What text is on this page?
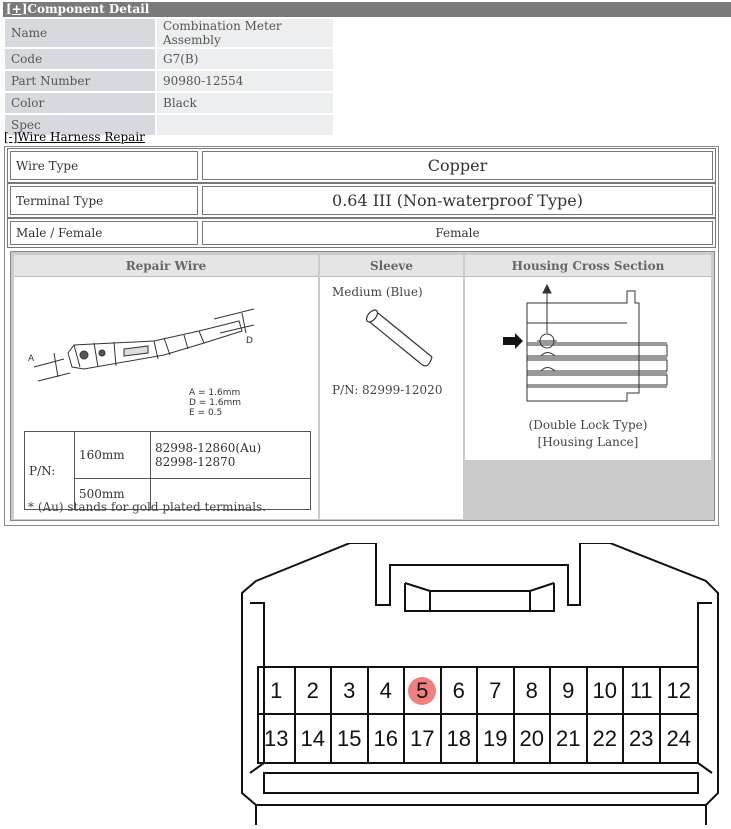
[+]Component Detail
Name	Combination Meter Assembly
Code	G7(B)
Part Number	90980-12554
Color	Black
Spec	
[-]Wire Harness Repair
Wire Type	Copper
Terminal Type	0.64 III (Non-waterproof Type)
Male / Female	Female
Repair Wire
A
D
A = 1.6mm
D = 1.6mm
E = 0.5
P/N:	160mm	82998-12860(Au)
82998-12870

	500mm	
* (Au) stands for gold plated terminals.
Sleeve
Medium (Blue)
P/N: 82999-12020
Housing Cross Section
(Double Lock Type)
[Housing Lance]
1 2 3 4	5	6 7 8 9 10 11 12
13 14 15 16 17 18 19 20 21 22 23 24
